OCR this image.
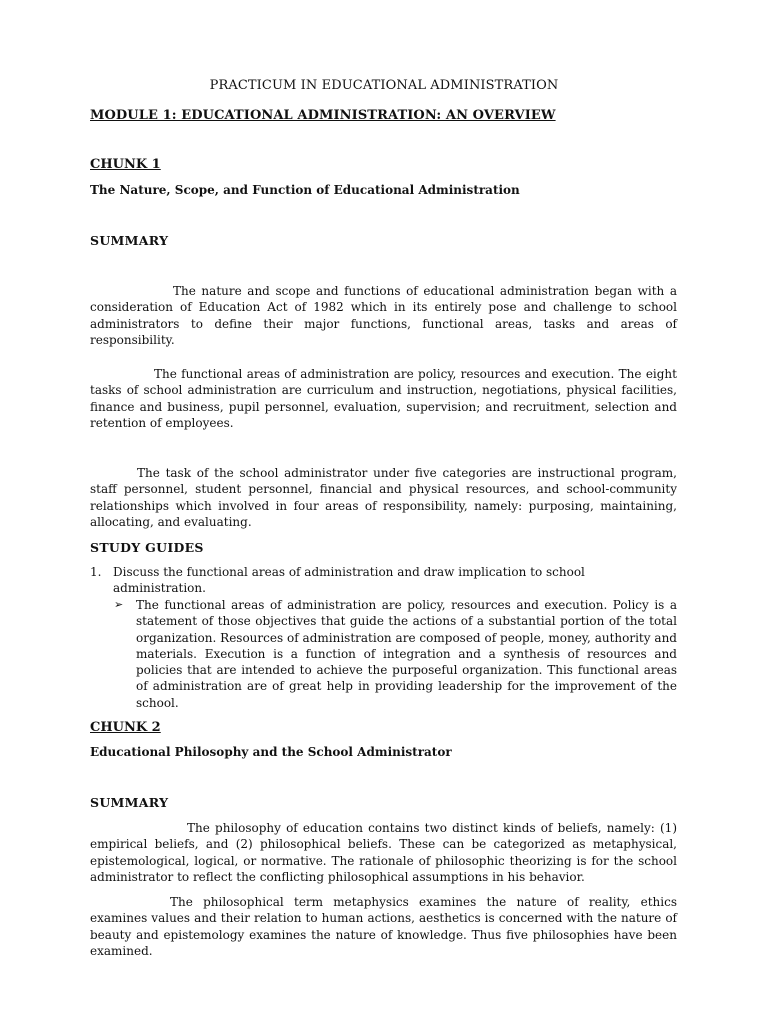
PRACTICUM IN EDUCATIONAL ADMINISTRATION

MODULE 1: EDUCATIONAL ADMINISTRATION: AN OVERVIEW

CHUNK 1

The Nature, Scope, and Function of Educational Administration

SUMMARY

The nature and scope and functions of educational administration began with a consideration of Education Act of 1982 which in its entirely pose and challenge to school administrators to define their major functions, functional areas, tasks and areas of responsibility.

The functional areas of administration are policy, resources and execution. The eight tasks of school administration are curriculum and instruction, negotiations, physical facilities, finance and business, pupil personnel, evaluation, supervision; and recruitment, selection and retention of employees.

The task of the school administrator under five categories are instructional program, staff personnel, student personnel, financial and physical resources, and school-community relationships which involved in four areas of responsibility, namely: purposing, maintaining, allocating, and evaluating.

STUDY GUIDES

1. Discuss the functional areas of administration and draw implication to school administration.
➢	The functional areas of administration are policy, resources and execution. Policy is a statement of those objectives that guide the actions of a substantial portion of the total organization. Resources of administration are composed of people, money, authority and materials. Execution is a function of integration and a synthesis of resources and policies that are intended to achieve the purposeful organization. This functional areas of administration are of great help in providing leadership for the improvement of the school.

CHUNK 2

Educational Philosophy and the School Administrator

SUMMARY

The philosophy of education contains two distinct kinds of beliefs, namely: (1) empirical beliefs, and (2) philosophical beliefs. These can be categorized as metaphysical, epistemological, logical, or normative. The rationale of philosophic theorizing is for the school administrator to reflect the conflicting philosophical assumptions in his behavior.

The philosophical term metaphysics examines the nature of reality, ethics examines values and their relation to human actions, aesthetics is concerned with the nature of beauty and epistemology examines the nature of knowledge. Thus five philosophies have been examined.
